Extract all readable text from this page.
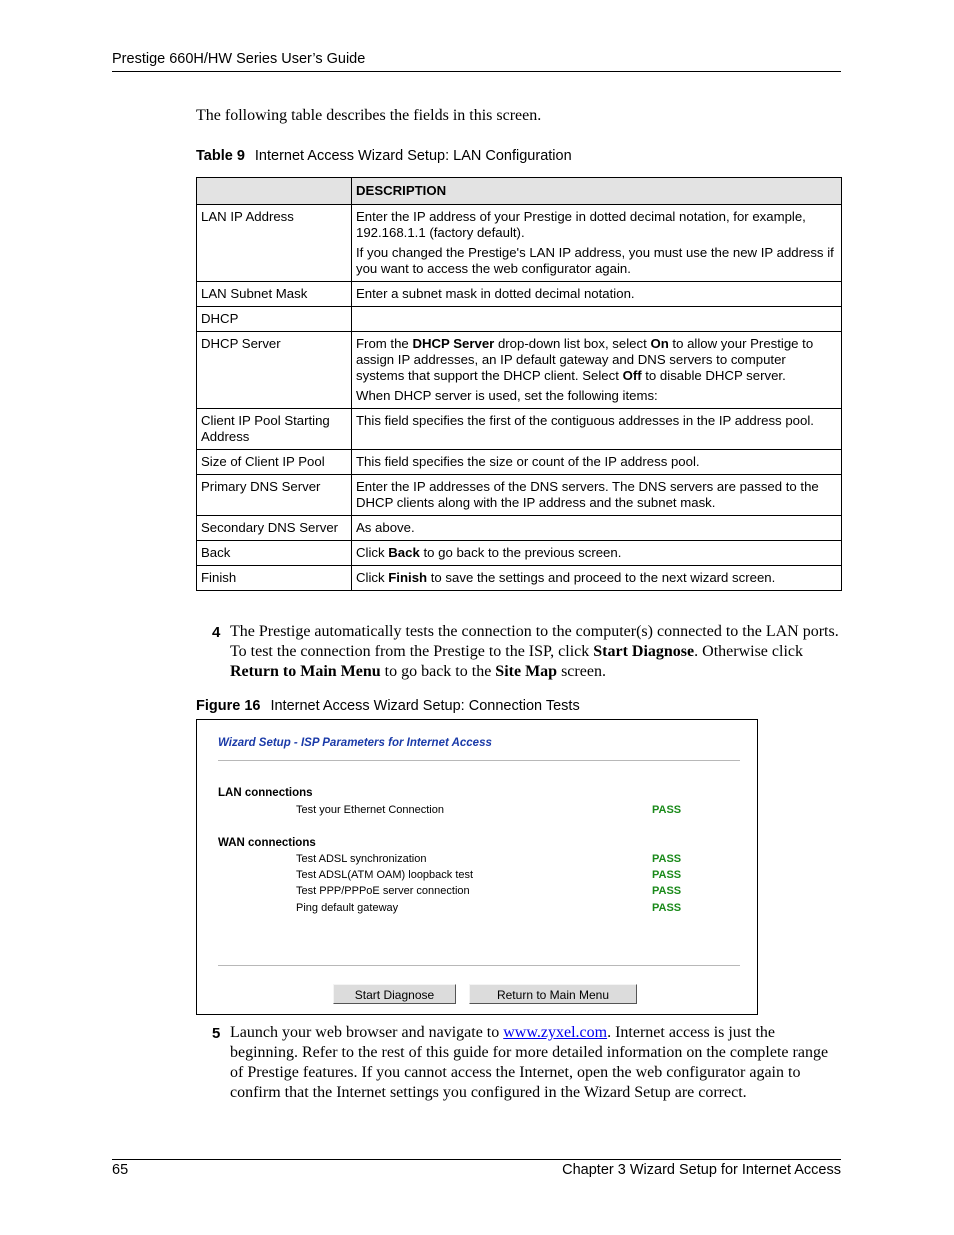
Prestige 660H/HW Series User’s Guide
The following table describes the fields in this screen.
Table 9 Internet Access Wizard Setup: LAN Configuration
	DESCRIPTION
LAN IP Address	Enter the IP address of your Prestige in dotted decimal notation, for example, 192.168.1.1 (factory default).

If you changed the Prestige's LAN IP address, you must use the new IP address if you want to access the web configurator again.

LAN Subnet Mask	Enter a subnet mask in dotted decimal notation.
DHCP	
DHCP Server	From the DHCP Server drop-down list box, select On to allow your Prestige to assign IP addresses, an IP default gateway and DNS servers to computer systems that support the DHCP client. Select Off to disable DHCP server.

When DHCP server is used, set the following items:

Client IP Pool Starting Address	This field specifies the first of the contiguous addresses in the IP address pool.
Size of Client IP Pool	This field specifies the size or count of the IP address pool.
Primary DNS Server	Enter the IP addresses of the DNS servers. The DNS servers are passed to the DHCP clients along with the IP address and the subnet mask.
Secondary DNS Server	As above.
Back	Click Back to go back to the previous screen.
Finish	Click Finish to save the settings and proceed to the next wizard screen.
4 The Prestige automatically tests the connection to the computer(s) connected to the LAN ports. To test the connection from the Prestige to the ISP, click Start Diagnose. Otherwise click Return to Main Menu to go back to the Site Map screen.
Figure 16 Internet Access Wizard Setup: Connection Tests
Wizard Setup - ISP Parameters for Internet Access
LAN connections
Test your Ethernet Connection	PASS
WAN connections
Test ADSL synchronization	PASS
Test ADSL(ATM OAM) loopback test	PASS
Test PPP/PPPoE server connection	PASS
Ping default gateway	PASS
Start Diagnose	Return to Main Menu
5 Launch your web browser and navigate to www.zyxel.com. Internet access is just the beginning. Refer to the rest of this guide for more detailed information on the complete range of Prestige features. If you cannot access the Internet, open the web configurator again to confirm that the Internet settings you configured in the Wizard Setup are correct.
65	Chapter 3 Wizard Setup for Internet Access
